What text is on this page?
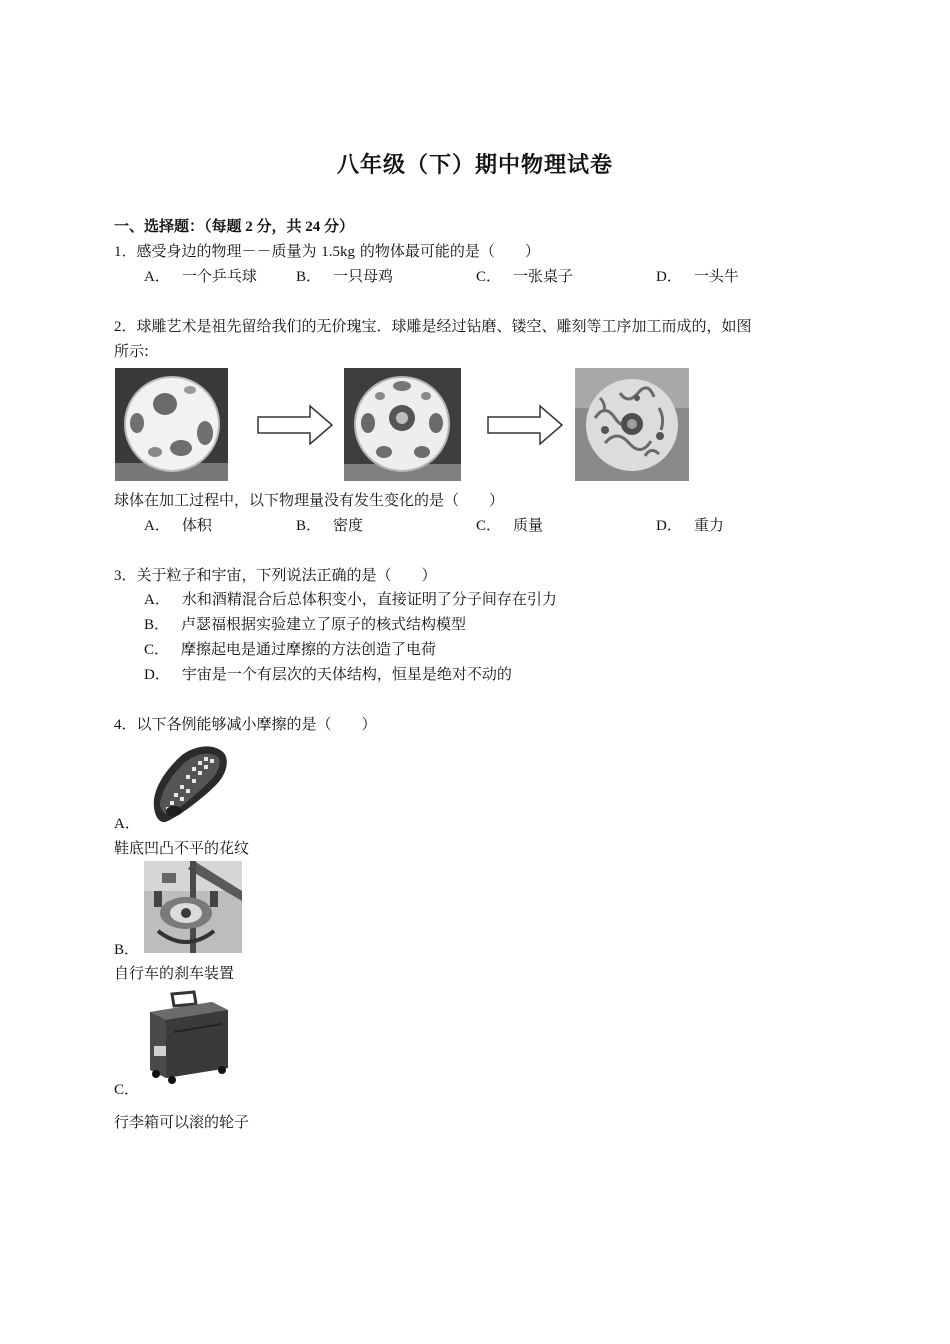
八年级（下）期中物理试卷
一、选择题：（每题 2 分，共 24 分）
1．感受身边的物理－－质量为 1.5kg 的物体最可能的是（　　）
A． 一个乒乓球	B． 一只母鸡	C． 一张桌子	D． 一头牛
2．球雕艺术是祖先留给我们的无价瑰宝．球雕是经过钻磨、镂空、雕刻等工序加工而成的，如图
所示:
球体在加工过程中，以下物理量没有发生变化的是（　　）
A． 体积	B． 密度	C． 质量	D． 重力
3．关于粒子和宇宙，下列说法正确的是（　　）
A． 水和酒精混合后总体积变小，直接证明了分子间存在引力
B． 卢瑟福根据实验建立了原子的核式结构模型
C． 摩擦起电是通过摩擦的方法创造了电荷
D． 宇宙是一个有层次的天体结构，恒星是绝对不动的
4．以下各例能够减小摩擦的是（　　）
A．
鞋底凹凸不平的花纹
B．
自行车的刹车装置
C．
行李箱可以滚的轮子
